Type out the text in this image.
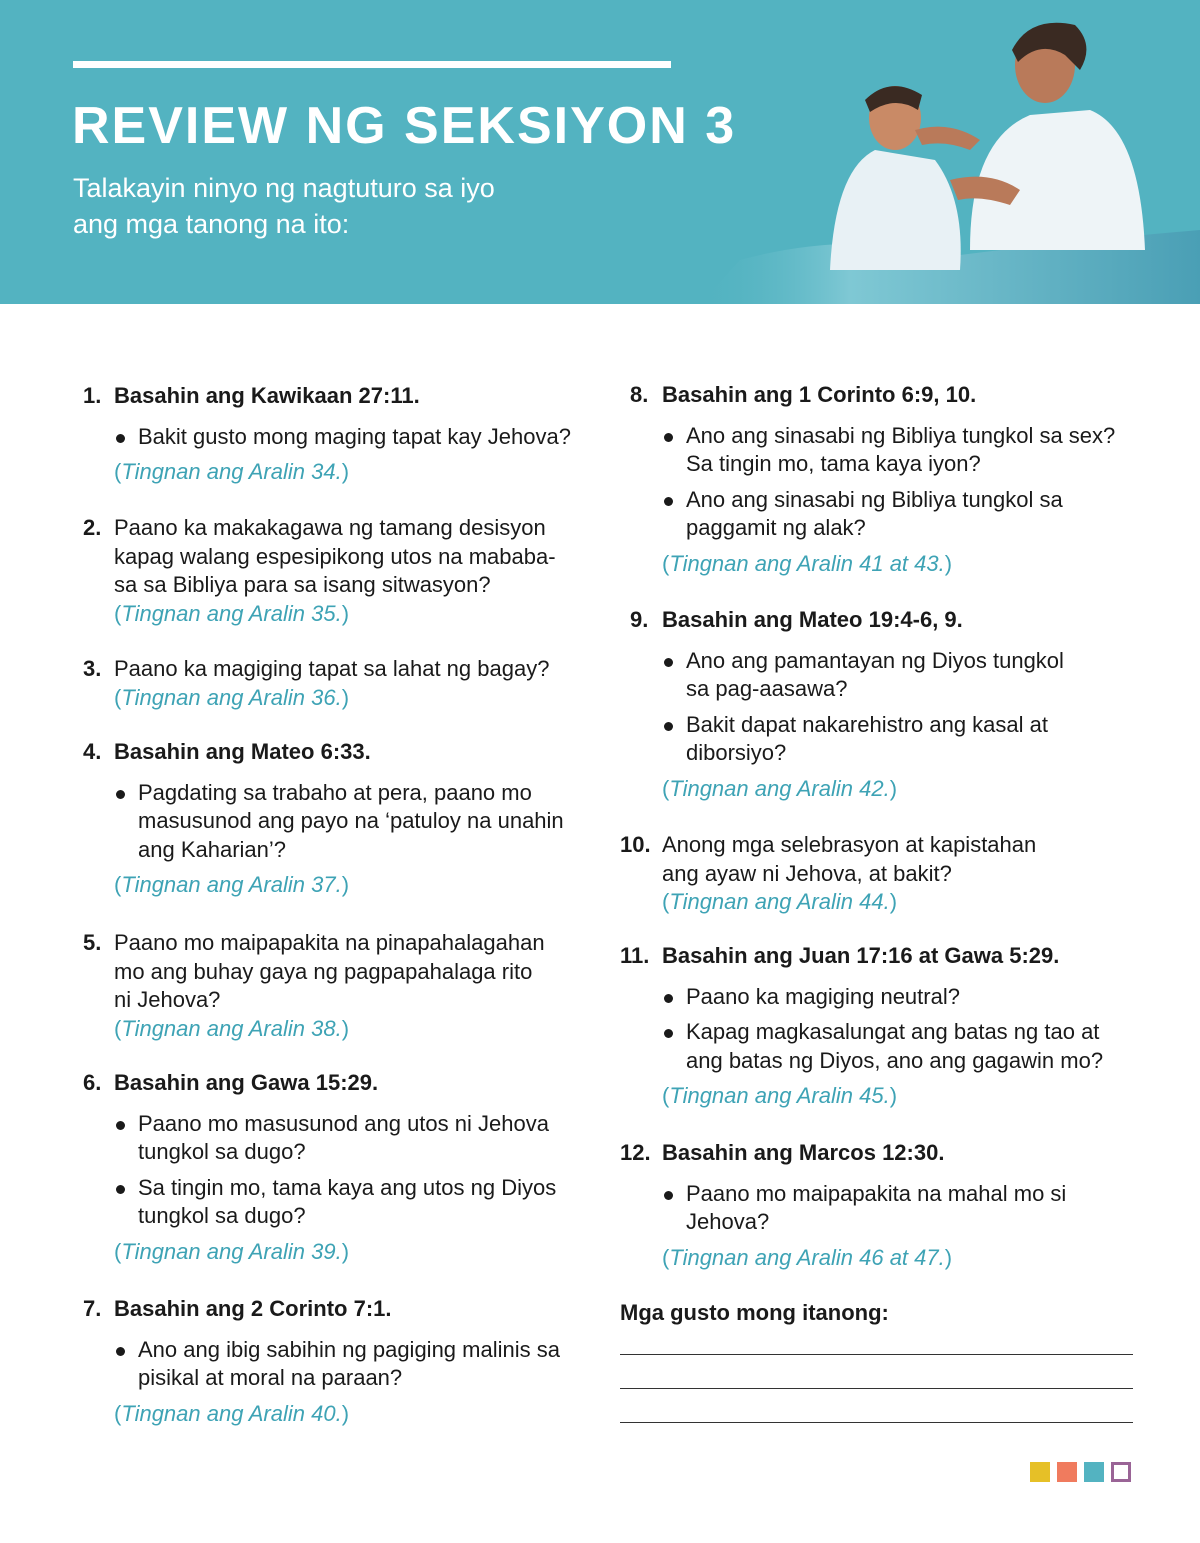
REVIEW NG SEKSIYON 3
Talakayin ninyo ng nagtuturo sa iyo
ang mga tanong na ito:
1. Basahin ang Kawikaan 27:11.
Bakit gusto mong maging tapat kay Jehova?
(Tingnan ang Aralin 34.)
2. Paano ka makakagawa ng tamang desisyon
kapag walang espesipikong utos na mababa-
sa sa Bibliya para sa isang sitwasyon?
(Tingnan ang Aralin 35.)
3. Paano ka magiging tapat sa lahat ng bagay?
(Tingnan ang Aralin 36.)
4. Basahin ang Mateo 6:33.
Pagdating sa trabaho at pera, paano mo
masusunod ang payo na ‘patuloy na unahin
ang Kaharian’?
(Tingnan ang Aralin 37.)
5. Paano mo maipapakita na pinapahalagahan
mo ang buhay gaya ng pagpapahalaga rito
ni Jehova?
(Tingnan ang Aralin 38.)
6. Basahin ang Gawa 15:29.
Paano mo masusunod ang utos ni Jehova
tungkol sa dugo?
Sa tingin mo, tama kaya ang utos ng Diyos
tungkol sa dugo?
(Tingnan ang Aralin 39.)
7. Basahin ang 2 Corinto 7:1.
Ano ang ibig sabihin ng pagiging malinis sa
pisikal at moral na paraan?
(Tingnan ang Aralin 40.)
8. Basahin ang 1 Corinto 6:9, 10.
Ano ang sinasabi ng Bibliya tungkol sa sex?
Sa tingin mo, tama kaya iyon?
Ano ang sinasabi ng Bibliya tungkol sa
paggamit ng alak?
(Tingnan ang Aralin 41 at 43.)
9. Basahin ang Mateo 19:4-6, 9.
Ano ang pamantayan ng Diyos tungkol
sa pag-aasawa?
Bakit dapat nakarehistro ang kasal at
diborsiyo?
(Tingnan ang Aralin 42.)
10. Anong mga selebrasyon at kapistahan
ang ayaw ni Jehova, at bakit?
(Tingnan ang Aralin 44.)
11. Basahin ang Juan 17:16 at Gawa 5:29.
Paano ka magiging neutral?
Kapag magkasalungat ang batas ng tao at
ang batas ng Diyos, ano ang gagawin mo?
(Tingnan ang Aralin 45.)
12. Basahin ang Marcos 12:30.
Paano mo maipapakita na mahal mo si
Jehova?
(Tingnan ang Aralin 46 at 47.)
Mga gusto mong itanong:
